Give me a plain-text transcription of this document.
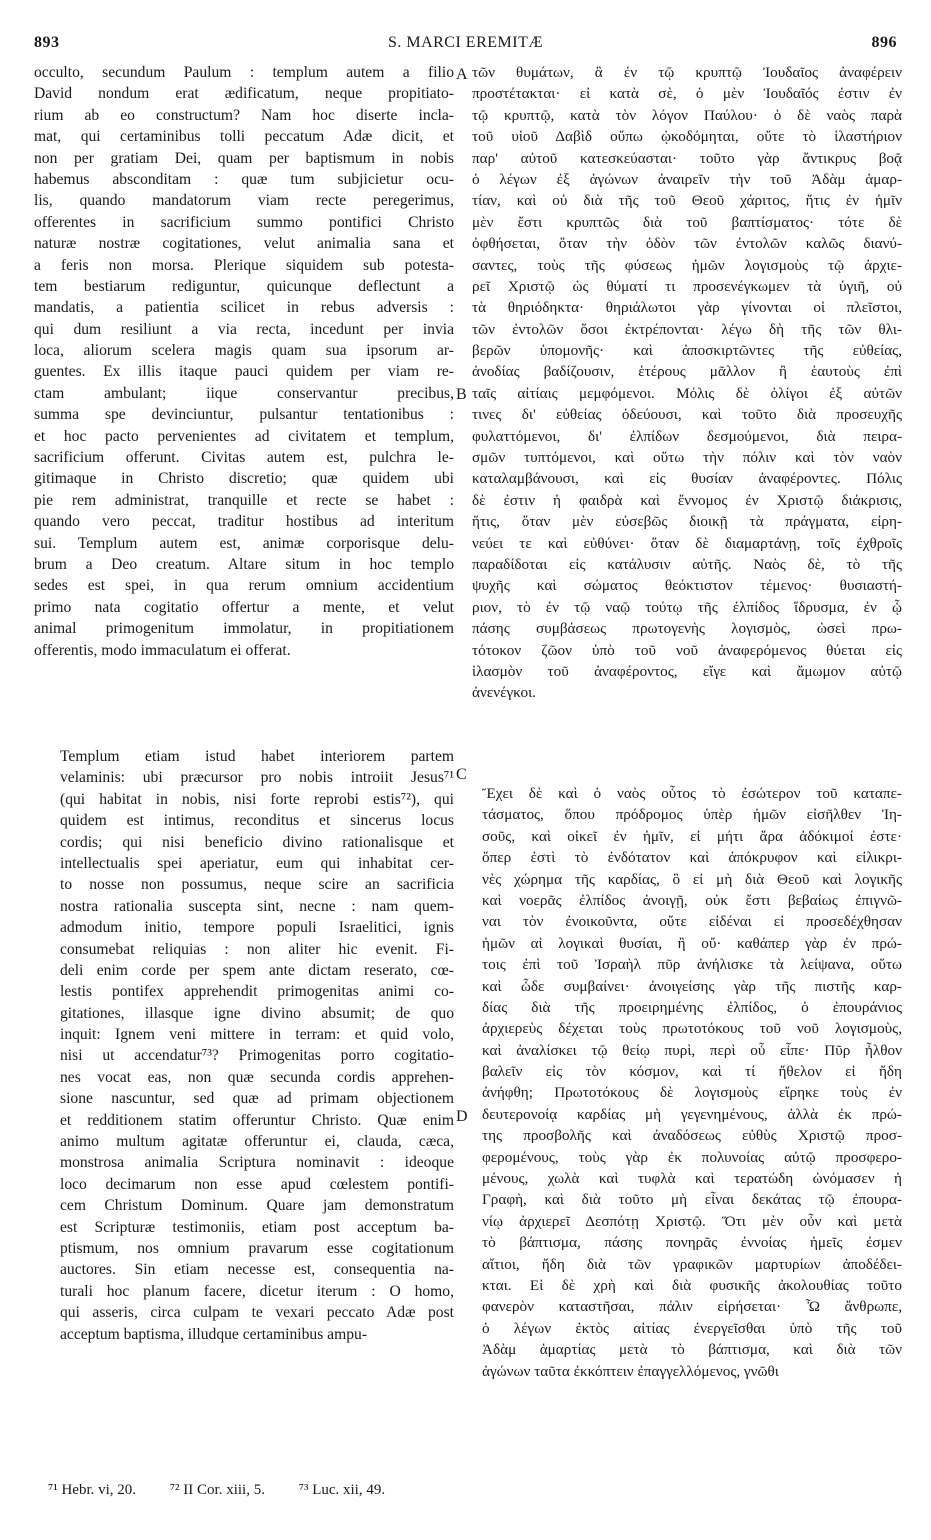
893	S. MARCI EREMITÆ	896
occulto, secundum Paulum : templum autem a filio
David nondum erat ædificatum, neque propitiato-
rium ab eo constructum? Nam hoc diserte incla-
mat, qui certaminibus tolli peccatum Adæ dicit, et
non per gratiam Dei, quam per baptismum in nobis
habemus absconditam : quæ tum subjicietur ocu-
lis, quando mandatorum viam recte peregerimus,
offerentes in sacrificium summo pontifici Christo
naturæ nostræ cogitationes, velut animalia sana et
a feris non morsa. Plerique siquidem sub potesta-
tem bestiarum rediguntur, quicunque deflectunt a
mandatis, a patientia scilicet in rebus adversis :
qui dum resiliunt a via recta, incedunt per invia
loca, aliorum scelera magis quam sua ipsorum ar-
guentes. Ex illis itaque pauci quidem per viam re-
ctam ambulant; iique conservantur precibus,
summa spe devinciuntur, pulsantur tentationibus :
et hoc pacto pervenientes ad civitatem et templum,
sacrificium offerunt. Civitas autem est, pulchra le-
gitimaque in Christo discretio; quæ quidem ubi
pie rem administrat, tranquille et recte se habet :
quando vero peccat, traditur hostibus ad interitum
sui. Templum autem est, animæ corporisque delu-
brum a Deo creatum. Altare situm in hoc templo
sedes est spei, in qua rerum omnium accidentium
primo nata cogitatio offertur a mente, et velut
animal primogenitum immolatur, in propitiationem
offerentis, modo immaculatum ei offerat.
Templum etiam istud habet interiorem partem
velaminis: ubi præcursor pro nobis introiit Jesus⁷¹
(qui habitat in nobis, nisi forte reprobi estis⁷²), qui
quidem est intimus, reconditus et sincerus locus
cordis; qui nisi beneficio divino rationalisque et
intellectualis spei aperiatur, eum qui inhabitat cer-
to nosse non possumus, neque scire an sacrificia
nostra rationalia suscepta sint, necne : nam quem-
admodum initio, tempore populi Israelitici, ignis
consumebat reliquias : non aliter hic evenit. Fi-
deli enim corde per spem ante dictam reserato, cœ-
lestis pontifex apprehendit primogenitas animi co-
gitationes, illasque igne divino absumit; de quo
inquit: Ignem veni mittere in terram: et quid volo,
nisi ut accendatur⁷³? Primogenitas porro cogitatio-
nes vocat eas, non quæ secunda cordis apprehen-
sione nascuntur, sed quæ ad primam objectionem
et redditionem statim offeruntur Christo. Quæ enim
animo multum agitatæ offeruntur ei, clauda, cæca,
monstrosa animalia Scriptura nominavit : ideoque
loco decimarum non esse apud cœlestem pontifi-
cem Christum Dominum. Quare jam demonstratum
est Scripturæ testimoniis, etiam post acceptum ba-
ptismum, nos omnium pravarum esse cogitationum
auctores. Sin etiam necesse est, consequentia na-
turali hoc planum facere, dicetur iterum : O homo,
qui asseris, circa culpam te vexari peccato Adæ post
acceptum baptisma, illudque certaminibus ampu-
τῶν θυμάτων, ἃ ἐν τῷ κρυπτῷ Ἰουδαῖος ἀναφέρειν
προστέτακται· εἰ κατὰ σὲ, ὁ μὲν Ἰουδαῖός ἐστιν ἐν
τῷ κρυπτῷ, κατὰ τὸν λόγον Παύλου· ὁ δὲ ναὸς παρὰ
τοῦ υἱοῦ Δαβὶδ οὔπω ᾠκοδόμηται, οὔτε τὸ ἱλαστήριον
παρ' αὐτοῦ κατεσκεύασται· τοῦτο γὰρ ἄντικρυς βοᾷ
ὁ λέγων ἐξ ἀγώνων ἀναιρεῖν τὴν τοῦ Ἀδὰμ ἁμαρ-
τίαν, καὶ οὐ διὰ τῆς τοῦ Θεοῦ χάριτος, ἥτις ἐν ἡμῖν
μὲν ἔστι κρυπτῶς διὰ τοῦ βαπτίσματος· τότε δὲ
ὀφθήσεται, ὅταν τὴν ὁδὸν τῶν ἐντολῶν καλῶς διανύ-
σαντες, τοὺς τῆς φύσεως ἡμῶν λογισμοὺς τῷ ἀρχιε-
ρεῖ Χριστῷ ὡς θύματί τι προσενέγκωμεν τὰ ὑγιῆ, οὐ
τὰ θηριόδηκτα· θηριάλωτοι γὰρ γίνονται οἱ πλεῖστοι,
τῶν ἐντολῶν ὅσοι ἐκτρέπονται· λέγω δὴ τῆς τῶν θλι-
βερῶν ὑπομονῆς· καὶ ἀποσκιρτῶντες τῆς εὐθείας,
ἀνοδίας βαδίζουσιν, ἑτέρους μᾶλλον ἢ ἑαυτοὺς ἐπὶ
ταῖς αἰτίαις μεμφόμενοι. Μόλις δὲ ὀλίγοι ἐξ αὐτῶν
τινες δι' εὐθείας ὁδεύουσι, καὶ τοῦτο διὰ προσευχῆς
φυλαττόμενοι, δι' ἐλπίδων δεσμούμενοι, διὰ πειρα-
σμῶν τυπτόμενοι, καὶ οὕτω τὴν πόλιν καὶ τὸν ναὸν
καταλαμβάνουσι, καὶ εἰς θυσίαν ἀναφέροντες. Πόλις
δὲ ἐστιν ἡ φαιδρὰ καὶ ἔννομος ἐν Χριστῷ διάκρισις,
ἥτις, ὅταν μὲν εὐσεβῶς διοικῇ τὰ πράγματα, εἰρη-
νεύει τε καὶ εὐθύνει· ὅταν δὲ διαμαρτάνῃ, τοῖς ἐχθροῖς
παραδίδοται εἰς κατάλυσιν αὐτῆς. Ναὸς δὲ, τὸ τῆς
ψυχῆς καὶ σώματος θεόκτιστον τέμενος· θυσιαστή-
ριον, τὸ ἐν τῷ ναῷ τούτῳ τῆς ἐλπίδος ἵδρυσμα, ἐν ᾧ
πάσης συμβάσεως πρωτογενὴς λογισμὸς, ὡσεὶ πρω-
τότοκον ζῶον ὑπὸ τοῦ νοῦ ἀναφερόμενος θύεται εἰς
ἱλασμὸν τοῦ ἀναφέροντος, εἴγε καὶ ἄμωμον αὐτῷ
ἀνενέγκοι.
Ἔχει δὲ καὶ ὁ ναὸς οὗτος τὸ ἐσώτερον τοῦ καταπε-
τάσματος, ὅπου πρόδρομος ὑπὲρ ἡμῶν εἰσῆλθεν Ἰη-
σοῦς, καὶ οἰκεῖ ἐν ἡμῖν, εἰ μήτι ἄρα ἀδόκιμοί ἐστε·
ὅπερ ἐστὶ τὸ ἐνδότατον καὶ ἀπόκρυφον καὶ εἰλικρι-
νὲς χώρημα τῆς καρδίας, ὃ εἰ μὴ διὰ Θεοῦ καὶ λογικῆς
καὶ νοερᾶς ἐλπίδος ἀνοιγῇ, οὐκ ἔστι βεβαίως ἐπιγνῶ-
ναι τὸν ἐνοικοῦντα, οὔτε εἰδέναι εἰ προσεδέχθησαν
ἡμῶν αἱ λογικαὶ θυσίαι, ἢ οὔ· καθάπερ γὰρ ἐν πρώ-
τοις ἐπὶ τοῦ Ἰσραὴλ πῦρ ἀνήλισκε τὰ λείψανα, οὕτω
καὶ ὧδε συμβαίνει· ἀνοιγείσης γὰρ τῆς πιστῆς καρ-
δίας διὰ τῆς προειρημένης ἐλπίδος, ὁ ἐπουράνιος
ἀρχιερεὺς δέχεται τοὺς πρωτοτόκους τοῦ νοῦ λογισμοὺς,
καὶ ἀναλίσκει τῷ θείῳ πυρὶ, περὶ οὗ εἶπε· Πῦρ ἦλθον
βαλεῖν εἰς τὸν κόσμον, καὶ τί ἤθελον εἰ ἤδη
ἀνήφθη; Πρωτοτόκους δὲ λογισμοὺς εἴρηκε τοὺς ἐν
δευτερονοίᾳ καρδίας μὴ γεγενημένους, ἀλλὰ ἐκ πρώ-
της προσβολῆς καὶ ἀναδόσεως εὐθὺς Χριστῷ προσ-
φερομένους, τοὺς γὰρ ἐκ πολυνοίας αὐτῷ προσφερο-
μένους, χωλὰ καὶ τυφλὰ καὶ τερατώδη ὠνόμασεν ἡ
Γραφὴ, καὶ διὰ τοῦτο μὴ εἶναι δεκάτας τῷ ἐπουρα-
νίῳ ἀρχιερεῖ Δεσπότῃ Χριστῷ. Ὅτι μὲν οὖν καὶ μετὰ
τὸ βάπτισμα, πάσης πονηρᾶς ἐννοίας ἡμεῖς ἐσμεν
αἴτιοι, ἤδη διὰ τῶν γραφικῶν μαρτυρίων ἀποδέδει-
κται. Εἰ δὲ χρὴ καὶ διὰ φυσικῆς ἀκολουθίας τοῦτο
φανερὸν καταστῆσαι, πάλιν εἰρήσεται· Ὦ ἄνθρωπε,
ὁ λέγων ἐκτὸς αἰτίας ἐνεργεῖσθαι ὑπὸ τῆς τοῦ
Ἀδὰμ ἁμαρτίας μετὰ τὸ βάπτισμα, καὶ διὰ τῶν
ἀγώνων ταῦτα ἐκκόπτειν ἐπαγγελλόμενος, γνῶθι
A
B
C
D
⁷¹ Hebr. vi, 20. ⁷² II Cor. xiii, 5. ⁷³ Luc. xii, 49.
